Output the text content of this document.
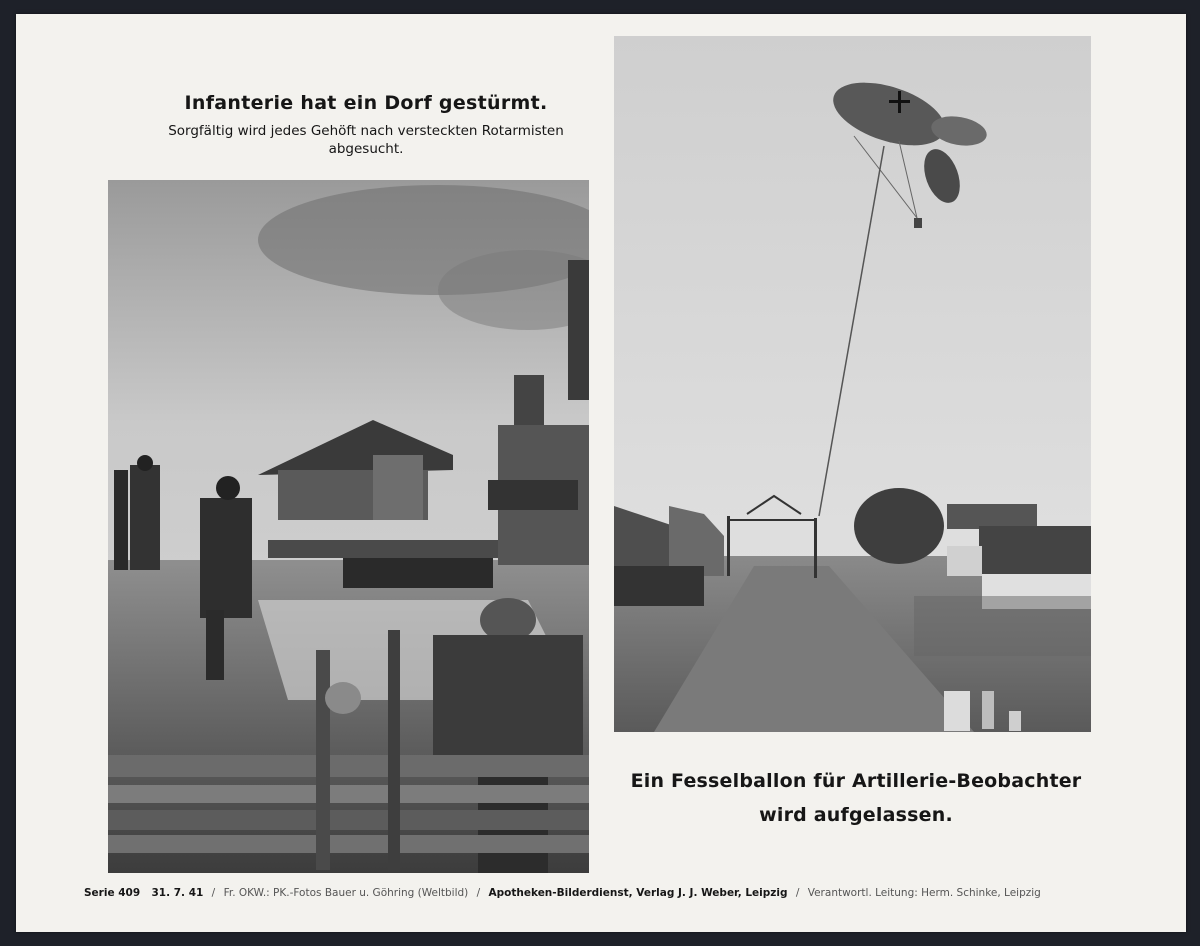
Infanterie hat ein Dorf gestürmt.

Sorgfältig wird jedes Gehöft nach versteckten Rotarmisten
abgesucht.
Ein Fesselballon für Artillerie-Beobachter
wird aufgelassen.
Serie 409 31. 7. 41 / Fr. OKW.: PK.-Fotos Bauer u. Göhring (Weltbild) / Apotheken-Bilderdienst, Verlag J. J. Weber, Leipzig / Verantwortl. Leitung: Herm. Schinke, Leipzig
